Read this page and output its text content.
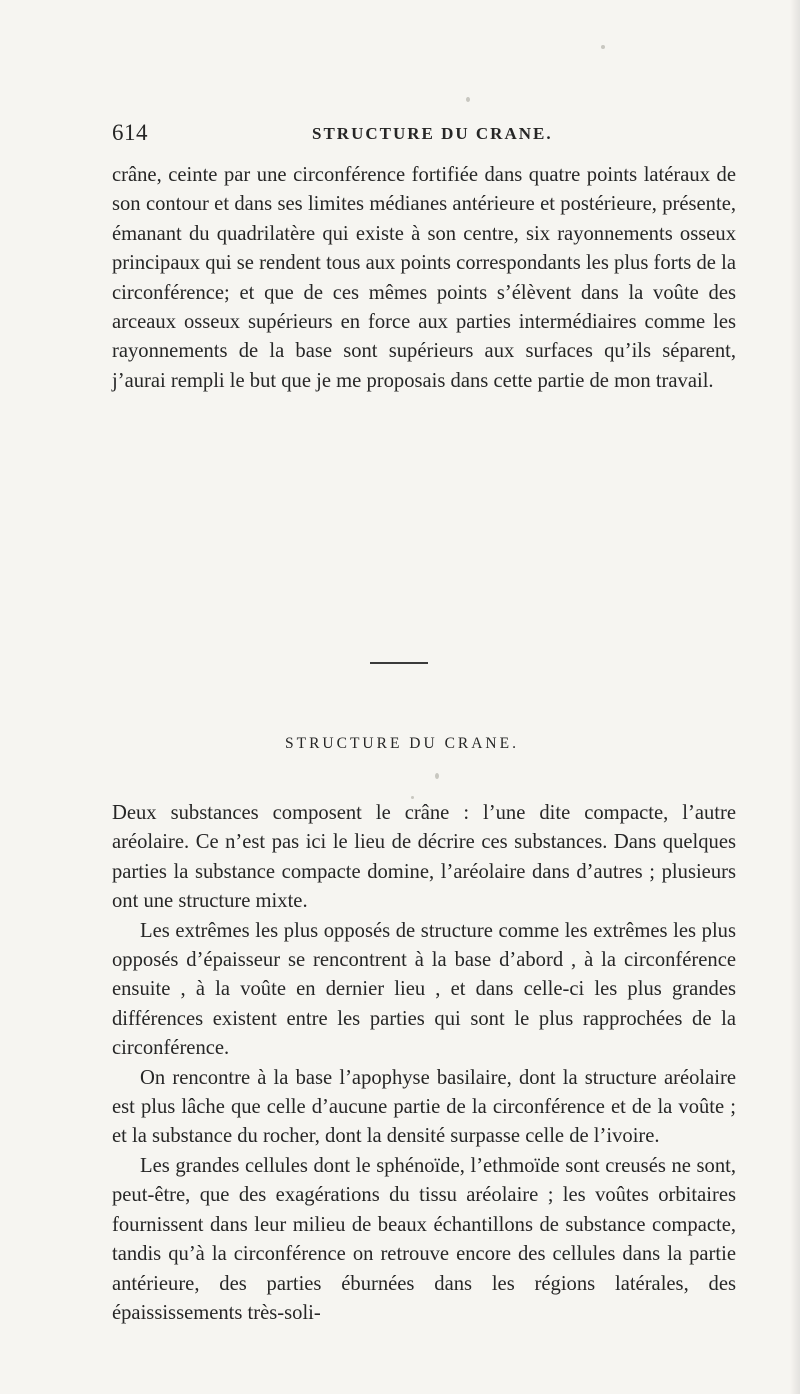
614	STRUCTURE DU CRANE.
crâne, ceinte par une circonférence fortifiée dans quatre points latéraux de son contour et dans ses limites médianes antérieure et postérieure, présente, émanant du quadrilatère qui existe à son centre, six rayonnements osseux principaux qui se rendent tous aux points correspondants les plus forts de la circonférence; et que de ces mêmes points s’élèvent dans la voûte des arceaux osseux supérieurs en force aux parties intermédiaires comme les rayonnements de la base sont supérieurs aux surfaces qu’ils séparent, j’aurai rempli le but que je me proposais dans cette partie de mon travail.
STRUCTURE DU CRANE.

Deux substances composent le crâne : l’une dite compacte, l’autre aréolaire. Ce n’est pas ici le lieu de décrire ces substances. Dans quelques parties la substance compacte domine, l’aréolaire dans d’autres ; plusieurs ont une structure mixte.

Les extrêmes les plus opposés de structure comme les extrêmes les plus opposés d’épaisseur se rencontrent à la base d’abord , à la circonférence ensuite , à la voûte en dernier lieu , et dans celle-ci les plus grandes différences existent entre les parties qui sont le plus rapprochées de la circonférence.

On rencontre à la base l’apophyse basilaire, dont la structure aréolaire est plus lâche que celle d’aucune partie de la circonférence et de la voûte ; et la substance du rocher, dont la densité surpasse celle de l’ivoire.

Les grandes cellules dont le sphénoïde, l’ethmoïde sont creusés ne sont, peut-être, que des exagérations du tissu aréolaire ; les voûtes orbitaires fournissent dans leur milieu de beaux échantillons de substance compacte, tandis qu’à la circonférence on retrouve encore des cellules dans la partie antérieure, des parties éburnées dans les régions latérales, des épaississements très-soli-
